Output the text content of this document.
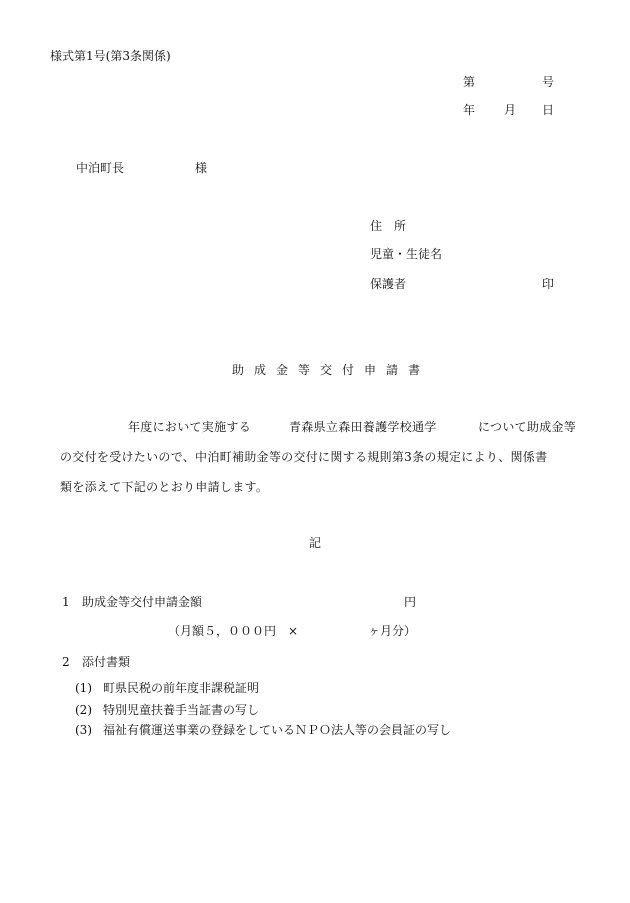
様式第1号(第3条関係)
第	号
年 月 日
中泊町長	様
住　所
児童・生徒名
保護者	印
助成金等交付申請書
年度において実施する	青森県立森田養護学校通学	について助成金等
の交付を受けたいので、中泊町補助金等の交付に関する規則第3条の規定により、関係書
類を添えて下記のとおり申請します。
記
1 助成金等交付申請金額	円
（月額５，０００円　×	ヶ月分）
2 添付書類
(1) 町県民税の前年度非課税証明
(2) 特別児童扶養手当証書の写し
(3) 福祉有償運送事業の登録をしているＮＰＯ法人等の会員証の写し
